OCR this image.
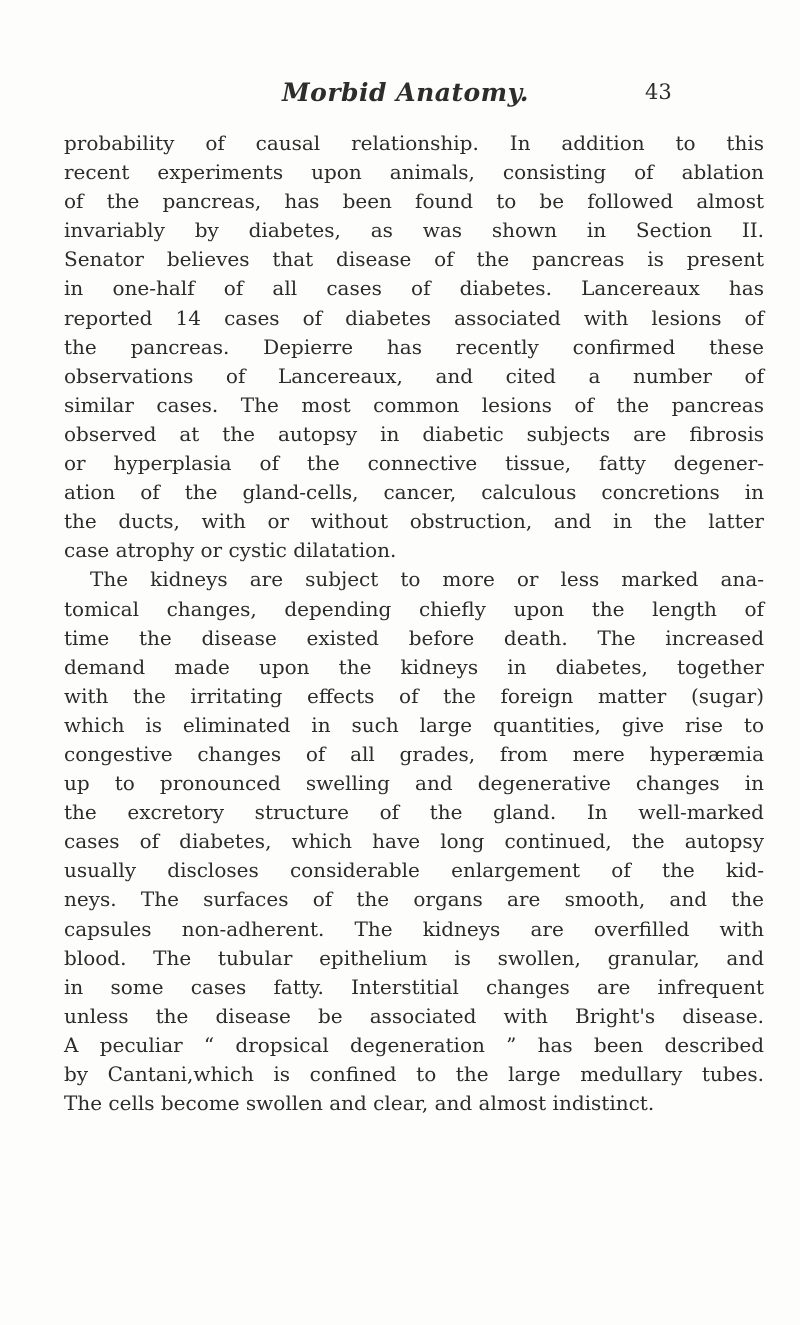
Morbid Anatomy.	43
probability of causal relationship. In addition to this
recent experiments upon animals, consisting of ablation
of the pancreas, has been found to be followed almost
invariably by diabetes, as was shown in Section II.
Senator believes that disease of the pancreas is present
in one-half of all cases of diabetes. Lancereaux has
reported 14 cases of diabetes associated with lesions of
the pancreas. Depierre has recently confirmed these
observations of Lancereaux, and cited a number of
similar cases. The most common lesions of the pancreas
observed at the autopsy in diabetic subjects are fibrosis
or hyperplasia of the connective tissue, fatty degener-
ation of the gland-cells, cancer, calculous concretions in
the ducts, with or without obstruction, and in the latter
case atrophy or cystic dilatation.
The kidneys are subject to more or less marked ana-
tomical changes, depending chiefly upon the length of
time the disease existed before death. The increased
demand made upon the kidneys in diabetes, together
with the irritating effects of the foreign matter (sugar)
which is eliminated in such large quantities, give rise to
congestive changes of all grades, from mere hyperæmia
up to pronounced swelling and degenerative changes in
the excretory structure of the gland. In well-marked
cases of diabetes, which have long continued, the autopsy
usually discloses considerable enlargement of the kid-
neys. The surfaces of the organs are smooth, and the
capsules non-adherent. The kidneys are overfilled with
blood. The tubular epithelium is swollen, granular, and
in some cases fatty. Interstitial changes are infrequent
unless the disease be associated with Bright's disease.
A peculiar “ dropsical degeneration ” has been described
by Cantani,which is confined to the large medullary tubes.
The cells become swollen and clear, and almost indistinct.
